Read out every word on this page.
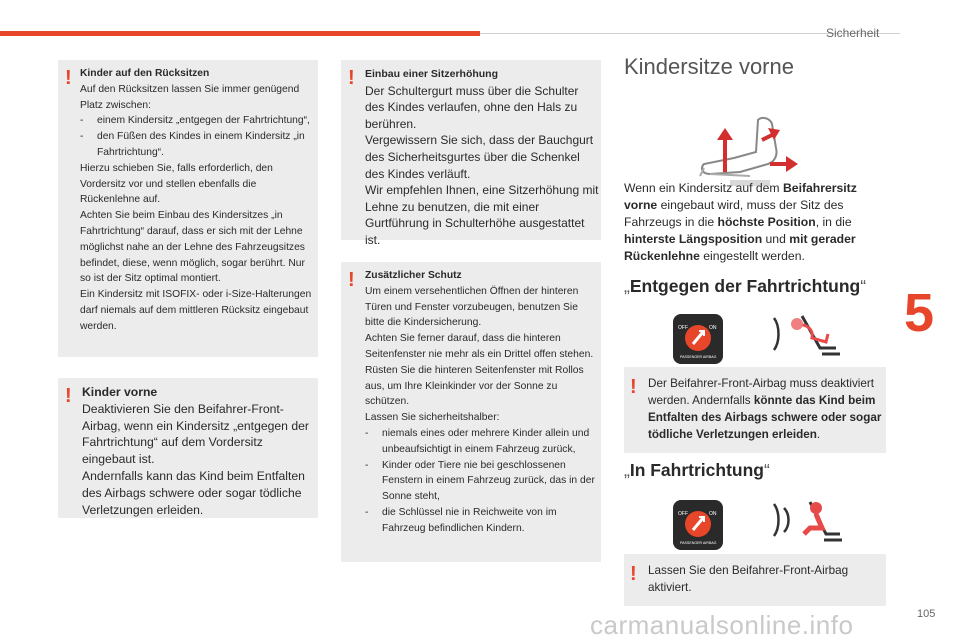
Sicherheit
5
! Kinder auf den Rücksitzen
Auf den Rücksitzen lassen Sie immer genügend Platz zwischen:
- einem Kindersitz „entgegen der Fahrtrichtung“,
- den Füßen des Kindes in einem Kindersitz „in Fahrtrichtung“.
Hierzu schieben Sie, falls erforderlich, den Vordersitz vor und stellen ebenfalls die Rückenlehne auf.
Achten Sie beim Einbau des Kindersitzes „in Fahrtrichtung“ darauf, dass er sich mit der Lehne möglichst nahe an der Lehne des Fahrzeugsitzes befindet, diese, wenn möglich, sogar berührt. Nur so ist der Sitz optimal montiert.
Ein Kindersitz mit ISOFIX- oder i-Size-Halterungen darf niemals auf dem mittleren Rücksitz eingebaut werden.
! Kinder vorne
Deaktivieren Sie den Beifahrer-Front-Airbag, wenn ein Kindersitz „entgegen der Fahrtrichtung“ auf dem Vordersitz eingebaut ist.
Andernfalls kann das Kind beim Entfalten des Airbags schwere oder sogar tödliche Verletzungen erleiden.
! Einbau einer Sitzerhöhung
Der Schultergurt muss über die Schulter des Kindes verlaufen, ohne den Hals zu berühren.
Vergewissern Sie sich, dass der Bauchgurt des Sicherheitsgurtes über die Schenkel des Kindes verläuft.
Wir empfehlen Ihnen, eine Sitzerhöhung mit Lehne zu benutzen, die mit einer Gurtführung in Schulterhöhe ausgestattet ist.
! Zusätzlicher Schutz
Um einem versehentlichen Öffnen der hinteren Türen und Fenster vorzubeugen, benutzen Sie bitte die Kindersicherung.
Achten Sie ferner darauf, dass die hinteren Seitenfenster nie mehr als ein Drittel offen stehen.
Rüsten Sie die hinteren Seitenfenster mit Rollos aus, um Ihre Kleinkinder vor der Sonne zu schützen.
Lassen Sie sicherheitshalber:
- niemals eines oder mehrere Kinder allein und unbeaufsichtigt in einem Fahrzeug zurück,
- Kinder oder Tiere nie bei geschlossenen Fenstern in einem Fahrzeug zurück, das in der Sonne steht,
- die Schlüssel nie in Reichweite von im Fahrzeug befindlichen Kindern.
Kindersitze vorne
Wenn ein Kindersitz auf dem Beifahrersitz vorne eingebaut wird, muss der Sitz des Fahrzeugs in die höchste Position, in die hinterste Längsposition und mit gerader Rückenlehne eingestellt werden.
„Entgegen der Fahrtrichtung“
OFF	ON
PASSENGER AIRBAG
! Der Beifahrer-Front-Airbag muss deaktiviert werden. Andernfalls könnte das Kind beim Entfalten des Airbags schwere oder sogar tödliche Verletzungen erleiden.
„In Fahrtrichtung“
OFF	ON
PASSENGER AIRBAG
! Lassen Sie den Beifahrer-Front-Airbag aktiviert.
carmanualsonline.info	105
